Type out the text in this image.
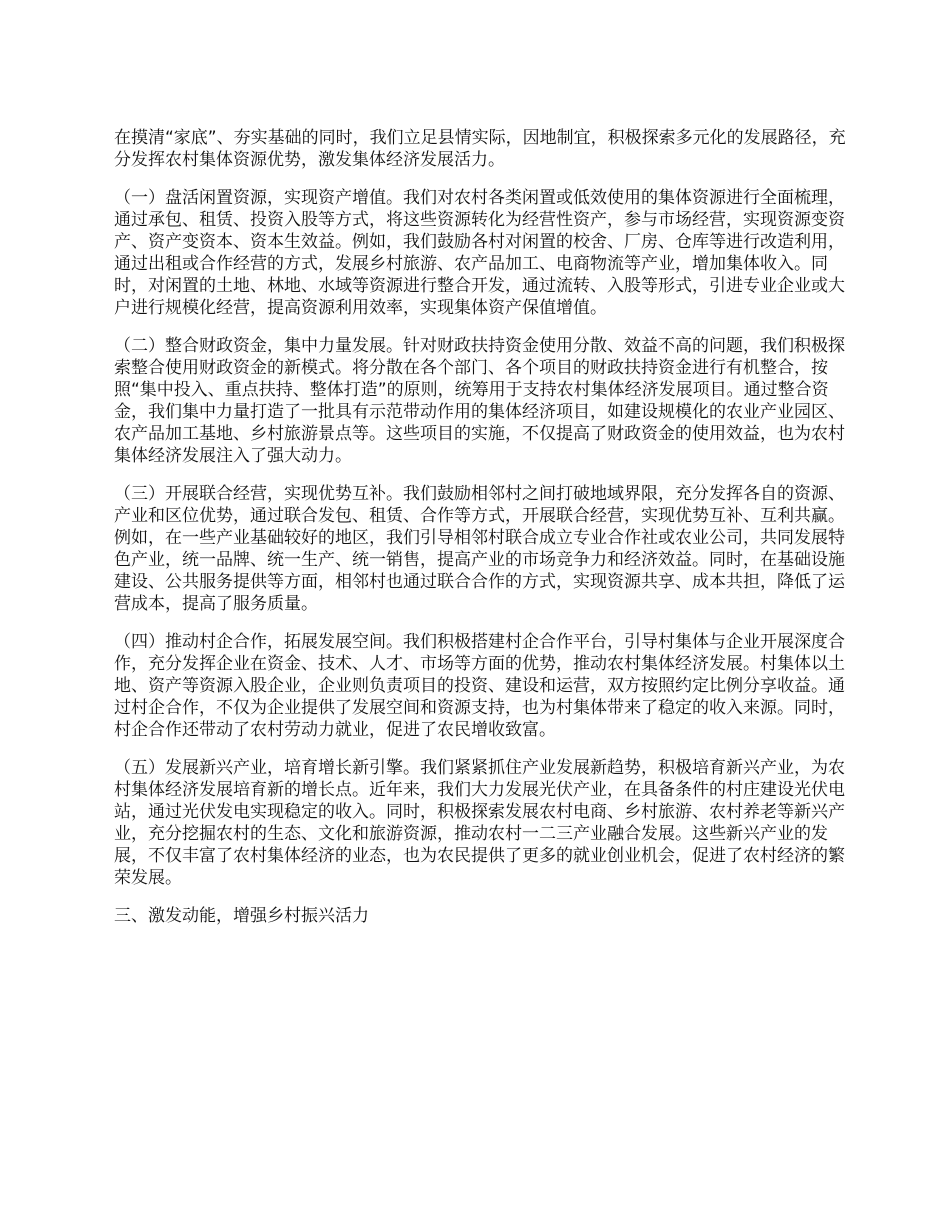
在摸清“家底”、夯实基础的同时，我们立足县情实际，因地制宜，积极探索多元化的发展路径，充分发挥农村集体资源优势，激发集体经济发展活力。

（一）盘活闲置资源，实现资产增值。我们对农村各类闲置或低效使用的集体资源进行全面梳理，通过承包、租赁、投资入股等方式，将这些资源转化为经营性资产，参与市场经营，实现资源变资产、资产变资本、资本生效益。例如，我们鼓励各村对闲置的校舍、厂房、仓库等进行改造利用，通过出租或合作经营的方式，发展乡村旅游、农产品加工、电商物流等产业，增加集体收入。同时，对闲置的土地、林地、水域等资源进行整合开发，通过流转、入股等形式，引进专业企业或大户进行规模化经营，提高资源利用效率，实现集体资产保值增值。

（二）整合财政资金，集中力量发展。针对财政扶持资金使用分散、效益不高的问题，我们积极探索整合使用财政资金的新模式。将分散在各个部门、各个项目的财政扶持资金进行有机整合，按照“集中投入、重点扶持、整体打造”的原则，统筹用于支持农村集体经济发展项目。通过整合资金，我们集中力量打造了一批具有示范带动作用的集体经济项目，如建设规模化的农业产业园区、农产品加工基地、乡村旅游景点等。这些项目的实施，不仅提高了财政资金的使用效益，也为农村集体经济发展注入了强大动力。

（三）开展联合经营，实现优势互补。我们鼓励相邻村之间打破地域界限，充分发挥各自的资源、产业和区位优势，通过联合发包、租赁、合作等方式，开展联合经营，实现优势互补、互利共赢。例如，在一些产业基础较好的地区，我们引导相邻村联合成立专业合作社或农业公司，共同发展特色产业，统一品牌、统一生产、统一销售，提高产业的市场竞争力和经济效益。同时，在基础设施建设、公共服务提供等方面，相邻村也通过联合合作的方式，实现资源共享、成本共担，降低了运营成本，提高了服务质量。

（四）推动村企合作，拓展发展空间。我们积极搭建村企合作平台，引导村集体与企业开展深度合作，充分发挥企业在资金、技术、人才、市场等方面的优势，推动农村集体经济发展。村集体以土地、资产等资源入股企业，企业则负责项目的投资、建设和运营，双方按照约定比例分享收益。通过村企合作，不仅为企业提供了发展空间和资源支持，也为村集体带来了稳定的收入来源。同时，村企合作还带动了农村劳动力就业，促进了农民增收致富。

（五）发展新兴产业，培育增长新引擎。我们紧紧抓住产业发展新趋势，积极培育新兴产业，为农村集体经济发展培育新的增长点。近年来，我们大力发展光伏产业，在具备条件的村庄建设光伏电站，通过光伏发电实现稳定的收入。同时，积极探索发展农村电商、乡村旅游、农村养老等新兴产业，充分挖掘农村的生态、文化和旅游资源，推动农村一二三产业融合发展。这些新兴产业的发展，不仅丰富了农村集体经济的业态，也为农民提供了更多的就业创业机会，促进了农村经济的繁荣发展。

三、激发动能，增强乡村振兴活力
